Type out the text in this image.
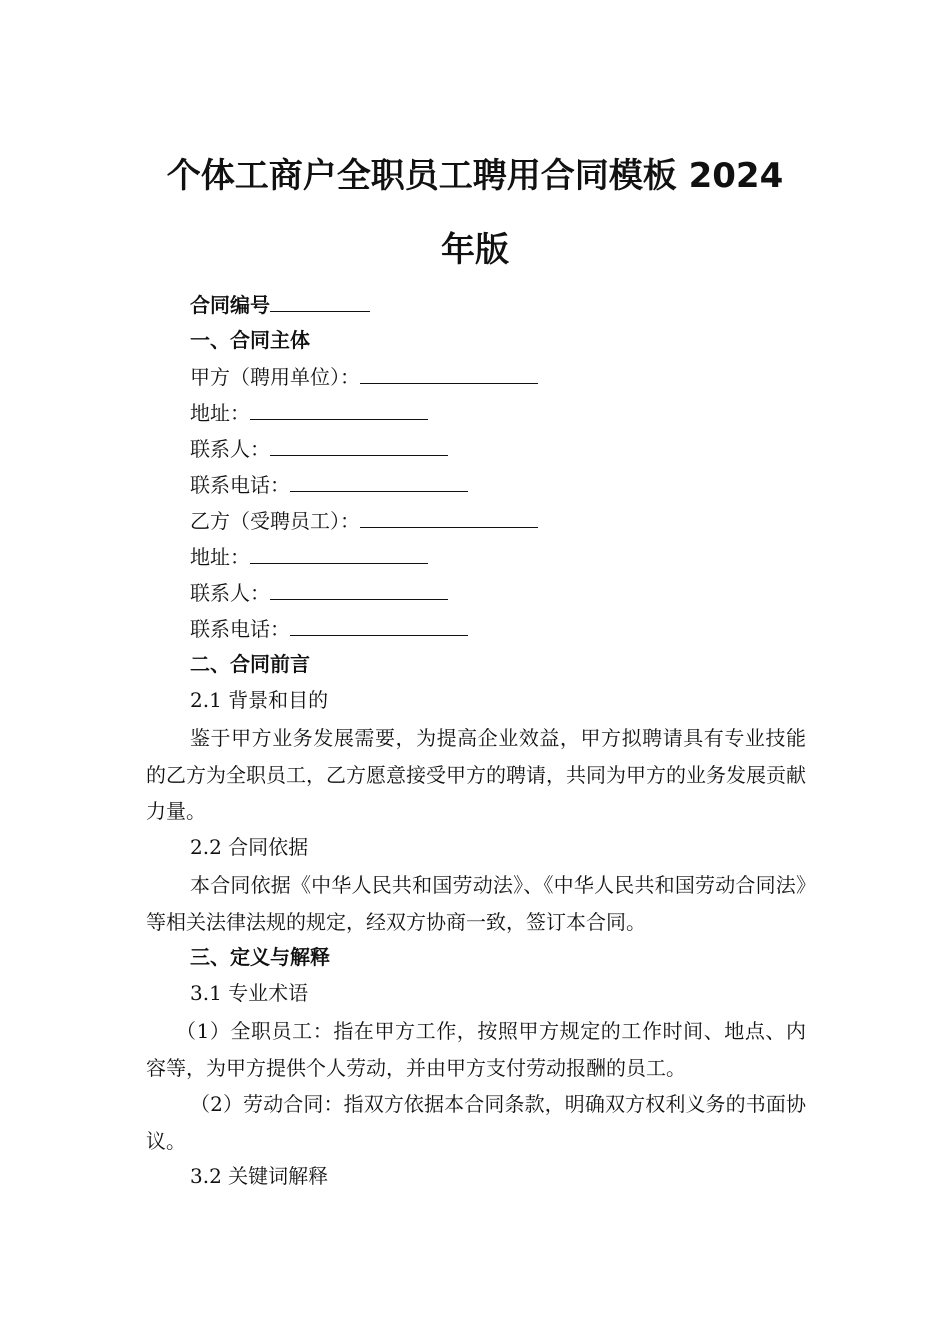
个体工商户全职员工聘用合同模板 2024
年版
合同编号
一、合同主体
甲方（聘用单位）：
地址：
联系人：
联系电话：
乙方（受聘员工）：
地址：
联系人：
联系电话：
二、合同前言
2.1 背景和目的

鉴于甲方业务发展需要，为提高企业效益，甲方拟聘请具有专业技能的乙方为全职员工，乙方愿意接受甲方的聘请，共同为甲方的业务发展贡献力量。

2.2 合同依据

本合同依据《中华人民共和国劳动法》、《中华人民共和国劳动合同法》等相关法律法规的规定，经双方协商一致，签订本合同。

三、定义与解释
3.1 专业术语

（1）全职员工：指在甲方工作，按照甲方规定的工作时间、地点、内容等，为甲方提供个人劳动，并由甲方支付劳动报酬的员工。

（2）劳动合同：指双方依据本合同条款，明确双方权利义务的书面协议。

3.2 关键词解释
